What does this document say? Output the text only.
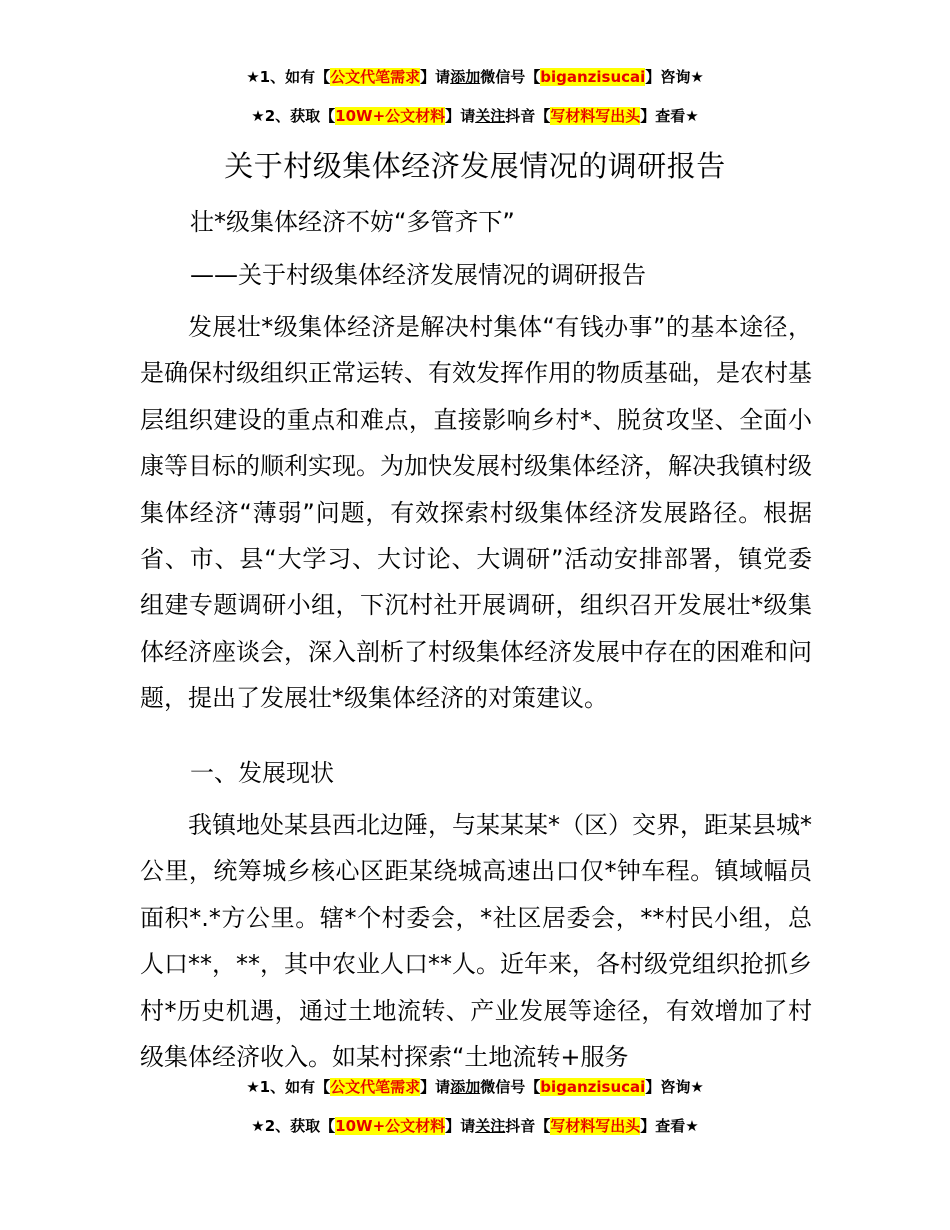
★1、如有【公文代笔需求】请添加微信号【biganzisucai】咨询★
★2、获取【10W+公文材料】请关注抖音【写材料写出头】查看★
关于村级集体经济发展情况的调研报告
壮*级集体经济不妨“多管齐下”
——关于村级集体经济发展情况的调研报告

发展壮*级集体经济是解决村集体“有钱办事”的基本途径，是确保村级组织正常运转、有效发挥作用的物质基础，是农村基层组织建设的重点和难点，直接影响乡村*、脱贫攻坚、全面小康等目标的顺利实现。为加快发展村级集体经济，解决我镇村级集体经济“薄弱”问题，有效探索村级集体经济发展路径。根据省、市、县“大学习、大讨论、大调研”活动安排部署，镇党委组建专题调研小组，下沉村社开展调研，组织召开发展壮*级集体经济座谈会，深入剖析了村级集体经济发展中存在的困难和问题，提出了发展壮*级集体经济的对策建议。

一、发展现状

我镇地处某县西北边陲，与某某某*（区）交界，距某县城*公里，统筹城乡核心区距某绕城高速出口仅*钟车程。镇域幅员面积*.*方公里。辖*个村委会，*社区居委会，**村民小组，总人口**，**，其中农业人口**人。近年来，各村级党组织抢抓乡村*历史机遇，通过土地流转、产业发展等途径，有效增加了村级集体经济收入。如某村探索“土地流转+服务

★1、如有【公文代笔需求】请添加微信号【biganzisucai】咨询★
★2、获取【10W+公文材料】请关注抖音【写材料写出头】查看★
